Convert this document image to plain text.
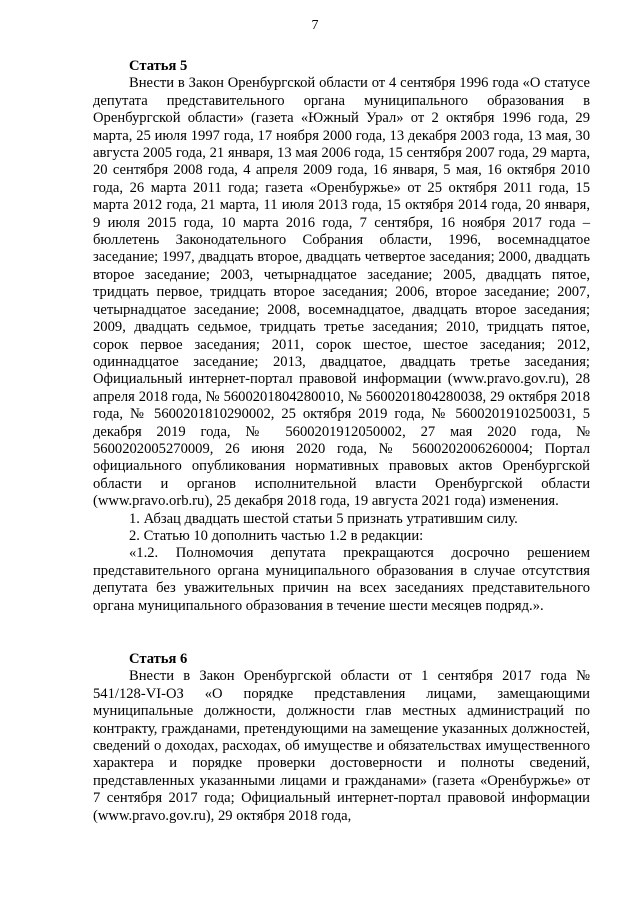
7

Статья 5

Внести в Закон Оренбургской области от 4 сентября 1996 года «О статусе депутата представительного органа муниципального образования в Оренбургской области» (газета «Южный Урал» от 2 октября 1996 года, 29 марта, 25 июля 1997 года, 17 ноября 2000 года, 13 декабря 2003 года, 13 мая, 30 августа 2005 года, 21 января, 13 мая 2006 года, 15 сентября 2007 года, 29 марта, 20 сентября 2008 года, 4 апреля 2009 года, 16 января, 5 мая, 16 октября 2010 года, 26 марта 2011 года; газета «Оренбуржье» от 25 октября 2011 года, 15 марта 2012 года, 21 марта, 11 июля 2013 года, 15 октября 2014 года, 20 января, 9 июля 2015 года, 10 марта 2016 года, 7 сентября, 16 ноября 2017 года – бюллетень Законодательного Собрания области, 1996, восемнадцатое заседание; 1997, двадцать второе, двадцать четвертое заседания; 2000, двадцать второе заседание; 2003, четырнадцатое заседание; 2005, двадцать пятое, тридцать первое, тридцать второе заседания; 2006, второе заседание; 2007, четырнадцатое заседание; 2008, восемнадцатое, двадцать второе заседания; 2009, двадцать седьмое, тридцать третье заседания; 2010, тридцать пятое, сорок первое заседания; 2011, сорок шестое, шестое заседания; 2012, одиннадцатое заседание; 2013, двадцатое, двадцать третье заседания; Официальный интернет-портал правовой информации (www.pravo.gov.ru), 28 апреля 2018 года, № 5600201804280010, № 5600201804280038, 29 октября 2018 года, № 5600201810290002, 25 октября 2019 года, № 5600201910250031, 5 декабря 2019 года, № 5600201912050002, 27 мая 2020 года, № 5600202005270009, 26 июня 2020 года, № 5600202006260004; Портал официального опубликования нормативных правовых актов Оренбургской области и органов исполнительной власти Оренбургской области (www.pravo.orb.ru), 25 декабря 2018 года, 19 августа 2021 года) изменения.

1. Абзац двадцать шестой статьи 5 признать утратившим силу.

2. Статью 10 дополнить частью 1.2 в редакции:

«1.2. Полномочия депутата прекращаются досрочно решением представительного органа муниципального образования в случае отсутствия депутата без уважительных причин на всех заседаниях представительного органа муниципального образования в течение шести месяцев подряд.».

Статья 6

Внести в Закон Оренбургской области от 1 сентября 2017 года № 541/128-VI-ОЗ «О порядке представления лицами, замещающими муниципальные должности, должности глав местных администраций по контракту, гражданами, претендующими на замещение указанных должностей, сведений о доходах, расходах, об имуществе и обязательствах имущественного характера и порядке проверки достоверности и полноты сведений, представленных указанными лицами и гражданами» (газета «Оренбуржье» от 7 сентября 2017 года; Официальный интернет-портал правовой информации (www.pravo.gov.ru), 29 октября 2018 года,
